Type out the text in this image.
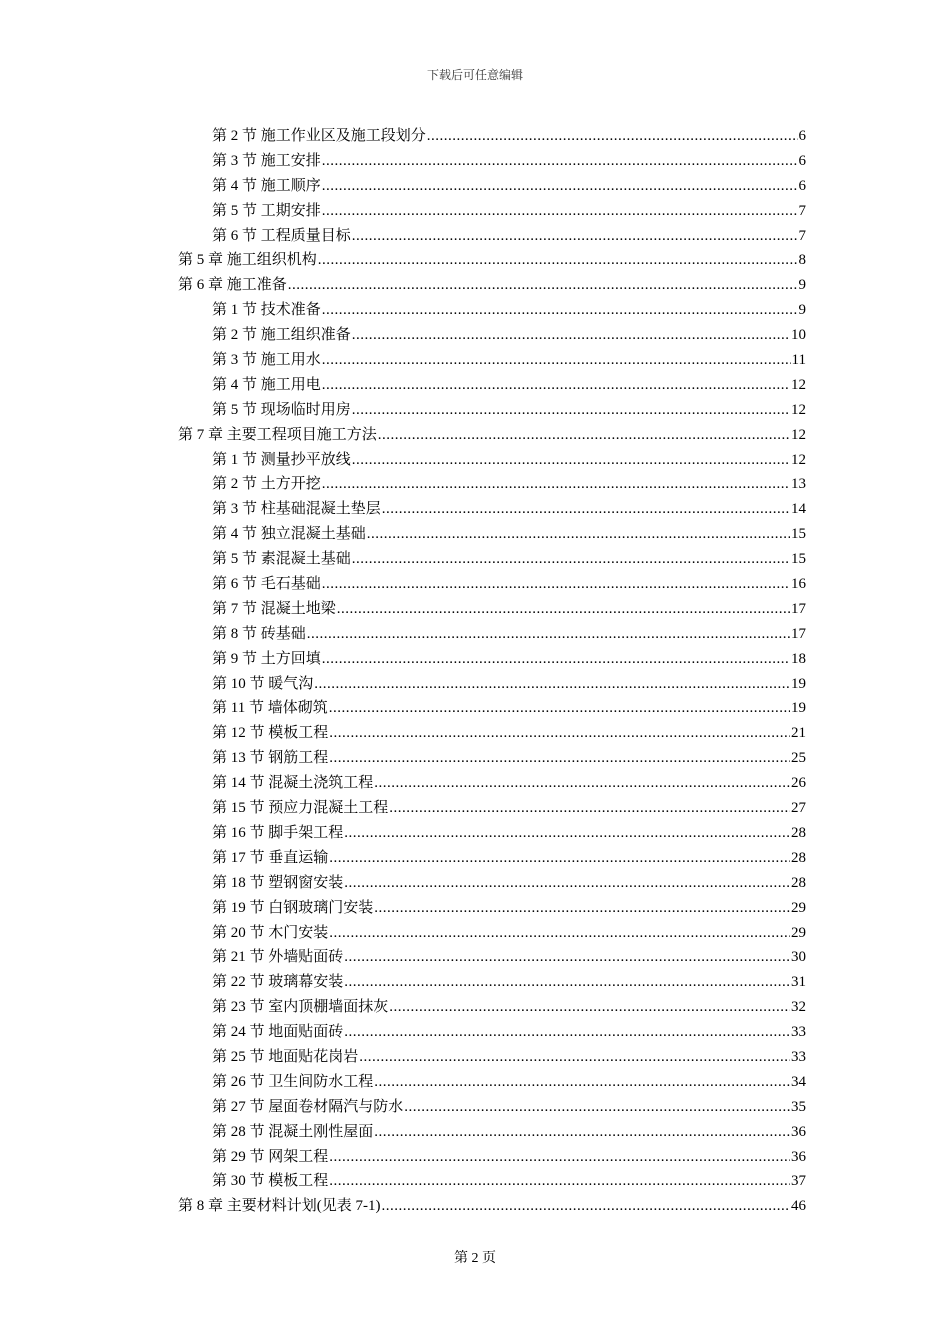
下载后可任意编辑
第 2 节 施工作业区及施工段划分 .....	6
第 3 节 施工安排 .....	6
第 4 节 施工顺序 .....	6
第 5 节 工期安排 .....	7
第 6 节 工程质量目标 .....	7
第 5 章 施工组织机构 .....	8
第 6 章 施工准备 .....	9
第 1 节 技术准备 .....	9
第 2 节 施工组织准备 .....	10
第 3 节 施工用水 .....	11
第 4 节 施工用电 .....	12
第 5 节 现场临时用房 .....	12
第 7 章 主要工程项目施工方法 .....	12
第 1 节 测量抄平放线 .....	12
第 2 节 土方开挖 .....	13
第 3 节 柱基础混凝土垫层 .....	14
第 4 节 独立混凝土基础 .....	15
第 5 节 素混凝土基础 .....	15
第 6 节 毛石基础 .....	16
第 7 节 混凝土地梁 .....	17
第 8 节 砖基础 .....	17
第 9 节 土方回填 .....	18
第 10 节 暖气沟 .....	19
第 11 节 墙体砌筑 .....	19
第 12 节 模板工程 .....	21
第 13 节 钢筋工程 .....	25
第 14 节 混凝土浇筑工程 .....	26
第 15 节 预应力混凝土工程 .....	27
第 16 节 脚手架工程 .....	28
第 17 节 垂直运输 .....	28
第 18 节 塑钢窗安装 .....	28
第 19 节 白钢玻璃门安装 .....	29
第 20 节 木门安装 .....	29
第 21 节 外墙贴面砖 .....	30
第 22 节 玻璃幕安装 .....	31
第 23 节 室内顶棚墙面抹灰 .....	32
第 24 节 地面贴面砖 .....	33
第 25 节 地面贴花岗岩 .....	33
第 26 节 卫生间防水工程 .....	34
第 27 节 屋面卷材隔汽与防水 .....	35
第 28 节 混凝土刚性屋面 .....	36
第 29 节 网架工程 .....	36
第 30 节 模板工程 .....	37
第 8 章 主要材料计划(见表 7-1) .....	46
第 2 页
